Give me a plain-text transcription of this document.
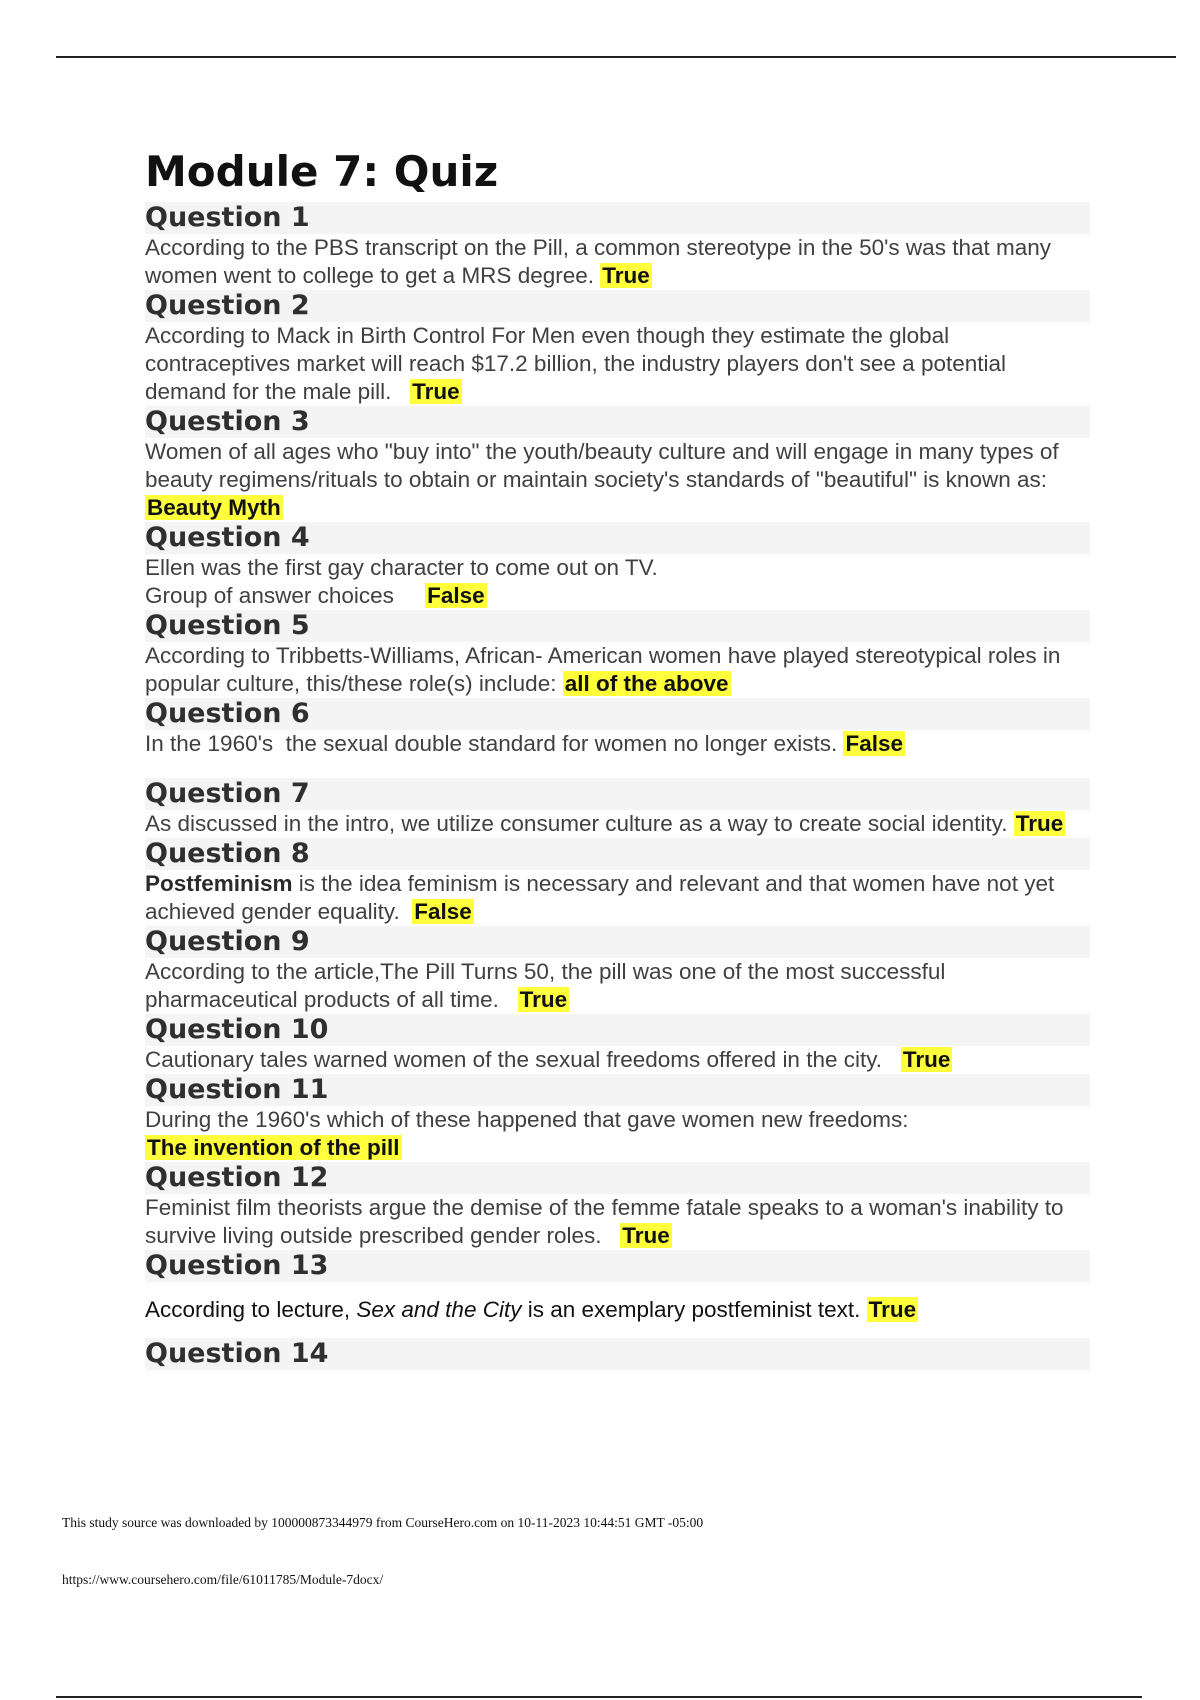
Module 7: Quiz
Question 1
According to the PBS transcript on the Pill, a common stereotype in the 50's was that many women went to college to get a MRS degree. True
Question 2
According to Mack in Birth Control For Men even though they estimate the global contraceptives market will reach $17.2 billion, the industry players don't see a potential demand for the male pill.   True
Question 3
Women of all ages who "buy into" the youth/beauty culture and will engage in many types of beauty regimens/rituals to obtain or maintain society's standards of "beautiful" is known as: Beauty Myth
Question 4
Ellen was the first gay character to come out on TV.
Group of answer choices     False
Question 5
According to Tribbetts-Williams, African- American women have played stereotypical roles in popular culture, this/these role(s) include: all of the above
Question 6
In the 1960's  the sexual double standard for women no longer exists. False
Question 7
As discussed in the intro, we utilize consumer culture as a way to create social identity. True
Question 8
Postfeminism is the idea feminism is necessary and relevant and that women have not yet achieved gender equality.  False
Question 9
According to the article,The Pill Turns 50, the pill was one of the most successful pharmaceutical products of all time.   True
Question 10
Cautionary tales warned women of the sexual freedoms offered in the city.   True
Question 11
During the 1960's which of these happened that gave women new freedoms:
The invention of the pill
Question 12
Feminist film theorists argue the demise of the femme fatale speaks to a woman's inability to survive living outside prescribed gender roles.   True
Question 13
According to lecture, Sex and the City is an exemplary postfeminist text. True
Question 14
This study source was downloaded by 100000873344979 from CourseHero.com on 10-11-2023 10:44:51 GMT -05:00
https://www.coursehero.com/file/61011785/Module-7docx/
